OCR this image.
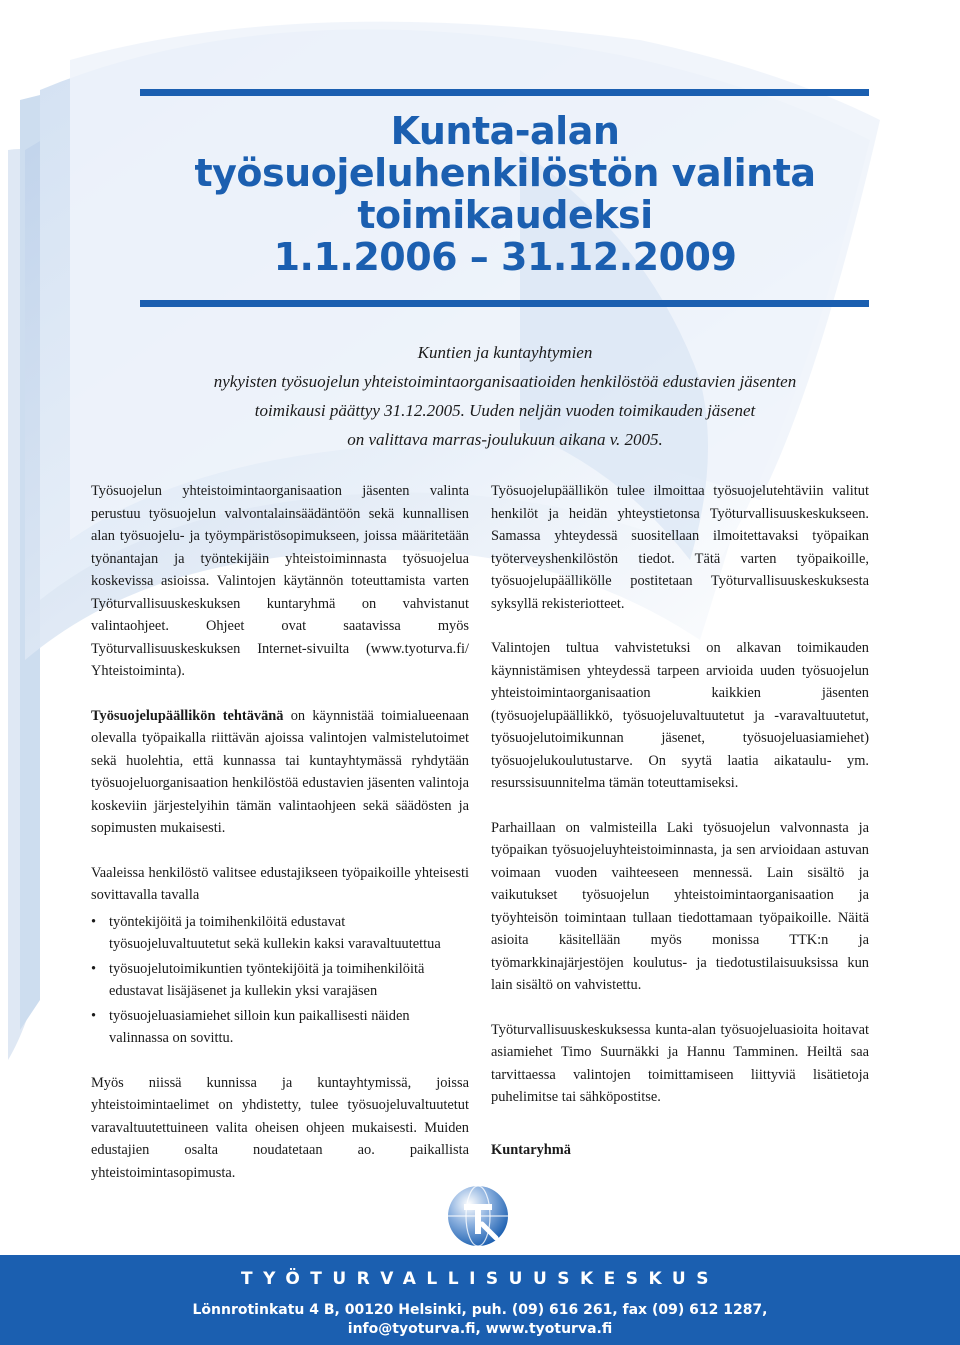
Kunta-alan
työsuojeluhenkilöstön valinta
toimikaudeksi
1.1.2006 – 31.12.2009

Kuntien ja kuntayhtymien
nykyisten työsuojelun yhteistoimintaorganisaatioiden henkilöstöä edustavien jäsenten
toimikausi päättyy 31.12.2005. Uuden neljän vuoden toimikauden jäsenet
on valittava marras-joulukuun aikana v. 2005.

Työsuojelun yhteistoimintaorganisaation jäsenten valinta perustuu työsuojelun valvontalainsäädäntöön sekä kunnallisen alan työsuojelu- ja työympäristösopimukseen, joissa määritetään työnantajan ja työntekijäin yhteistoiminnasta työsuojelua koskevissa asioissa. Valintojen käytännön toteuttamista varten Työturvallisuuskeskuksen kuntaryhmä on vahvistanut valintaohjeet. Ohjeet ovat saatavissa myös Työturvallisuuskeskuksen Internet-sivuilta (www.tyoturva.fi/ Yhteistoiminta).

Työsuojelupäällikön tehtävänä on käynnistää toimialueenaan olevalla työpaikalla riittävän ajoissa valintojen valmistelutoimet sekä huolehtia, että kunnassa tai kuntayhtymässä ryhdytään työsuojeluorganisaation henkilöstöä edustavien jäsenten valintoja koskeviin järjestelyihin tämän valintaohjeen sekä säädösten ja sopimusten mukaisesti.

Vaaleissa henkilöstö valitsee edustajikseen työpaikoille yhteisesti sovittavalla tavalla

• työntekijöitä ja toimihenkilöitä edustavat työsuojeluvaltuutetut sekä kullekin kaksi varavaltuutettua
• työsuojelutoimikuntien työntekijöitä ja toimihenkilöitä edustavat lisäjäsenet ja kullekin yksi varajäsen
• työsuojeluasiamiehet silloin kun paikallisesti näiden valinnassa on sovittu.

Myös niissä kunnissa ja kuntayhtymissä, joissa yhteistoimintaelimet on yhdistetty, tulee työsuojeluvaltuutetut varavaltuutettuineen valita oheisen ohjeen mukaisesti. Muiden edustajien osalta noudatetaan ao. paikallista yhteistoimintasopimusta.

Työsuojelupäällikön tulee ilmoittaa työsuojelutehtäviin valitut henkilöt ja heidän yhteystietonsa Työturvallisuuskeskukseen. Samassa yhteydessä suositellaan ilmoitettavaksi työpaikan työterveyshenkilöstön tiedot. Tätä varten työpaikoille, työsuojelupäällikölle postitetaan Työturvallisuuskeskuksesta syksyllä rekisteriotteet.

Valintojen tultua vahvistetuksi on alkavan toimikauden käynnistämisen yhteydessä tarpeen arvioida uuden työsuojelun yhteistoimintaorganisaation kaikkien jäsenten (työsuojelupäällikkö, työsuojeluvaltuutetut ja -varavaltuutetut, työsuojelutoimikunnan jäsenet, työsuojeluasiamiehet) työsuojelukoulutustarve. On syytä laatia aikataulu- ym. resurssisuunnitelma tämän toteuttamiseksi.

Parhaillaan on valmisteilla Laki työsuojelun valvonnasta ja työpaikan työsuojeluyhteistoiminnasta, ja sen arvioidaan astuvan voimaan vuoden vaihteeseen mennessä. Lain sisältö ja vaikutukset työsuojelun yhteistoimintaorganisaation ja työyhteisön toimintaan tullaan tiedottamaan työpaikoille. Näitä asioita käsitellään myös monissa TTK:n ja työmarkkinajärjestöjen koulutus- ja tiedotustilaisuuksissa kun lain sisältö on vahvistettu.

Työturvallisuuskeskuksessa kunta-alan työsuojeluasioita hoitavat asiamiehet Timo Suurnäkki ja Hannu Tamminen. Heiltä saa tarvittaessa valintojen toimittamiseen liittyviä lisätietoja puhelimitse tai sähköpostitse.

Kuntaryhmä

TYÖTURVALLISUUSKESKUS
Lönnrotinkatu 4 B, 00120 Helsinki, puh. (09) 616 261, fax (09) 612 1287,
info@tyoturva.fi, www.tyoturva.fi
